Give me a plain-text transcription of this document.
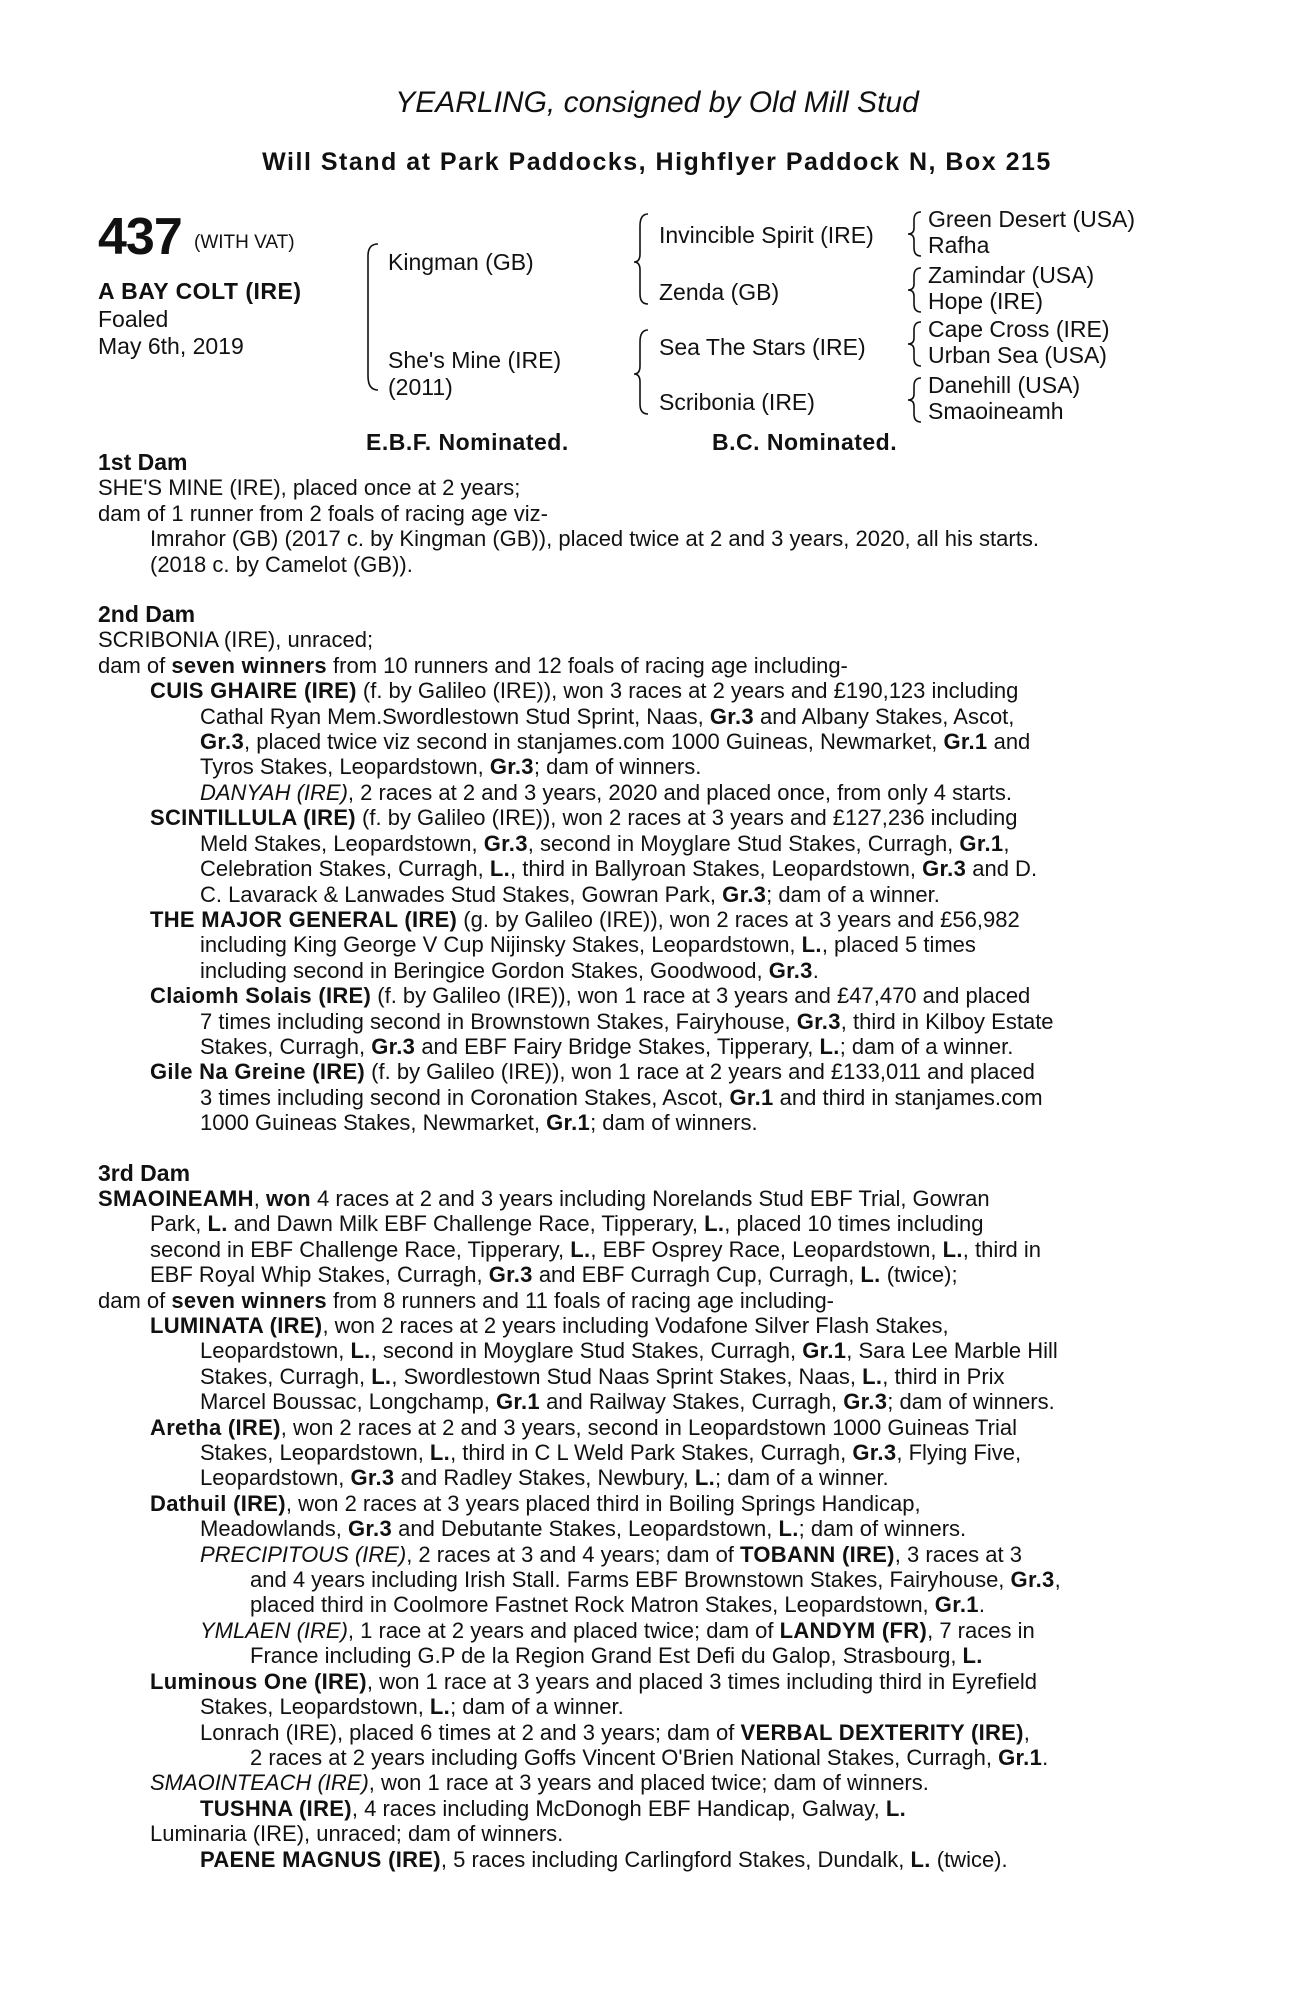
YEARLING, consigned by Old Mill Stud
Will Stand at Park Paddocks, Highflyer Paddock N, Box 215
437 (WITH VAT)
A BAY COLT (IRE)
Foaled
May 6th, 2019
Kingman (GB)
She's Mine (IRE)
(2011)
Invincible Spirit (IRE)
Zenda (GB)
Sea The Stars (IRE)
Scribonia (IRE)
Green Desert (USA)
Rafha
Zamindar (USA)
Hope (IRE)
Cape Cross (IRE)
Urban Sea (USA)
Danehill (USA)
Smaoineamh
E.B.F. Nominated.	B.C. Nominated.
1st Dam
SHE'S MINE (IRE), placed once at 2 years;
dam of 1 runner from 2 foals of racing age viz-
Imrahor (GB) (2017 c. by Kingman (GB)), placed twice at 2 and 3 years, 2020, all his starts.
(2018 c. by Camelot (GB)).
2nd Dam
SCRIBONIA (IRE), unraced;
dam of seven winners from 10 runners and 12 foals of racing age including-
CUIS GHAIRE (IRE) (f. by Galileo (IRE)), won 3 races at 2 years and £190,123 including
Cathal Ryan Mem.Swordlestown Stud Sprint, Naas, Gr.3 and Albany Stakes, Ascot,
Gr.3, placed twice viz second in stanjames.com 1000 Guineas, Newmarket, Gr.1 and
Tyros Stakes, Leopardstown, Gr.3; dam of winners.
DANYAH (IRE), 2 races at 2 and 3 years, 2020 and placed once, from only 4 starts.
SCINTILLULA (IRE) (f. by Galileo (IRE)), won 2 races at 3 years and £127,236 including
Meld Stakes, Leopardstown, Gr.3, second in Moyglare Stud Stakes, Curragh, Gr.1,
Celebration Stakes, Curragh, L., third in Ballyroan Stakes, Leopardstown, Gr.3 and D.
C. Lavarack & Lanwades Stud Stakes, Gowran Park, Gr.3; dam of a winner.
THE MAJOR GENERAL (IRE) (g. by Galileo (IRE)), won 2 races at 3 years and £56,982
including King George V Cup Nijinsky Stakes, Leopardstown, L., placed 5 times
including second in Beringice Gordon Stakes, Goodwood, Gr.3.
Claiomh Solais (IRE) (f. by Galileo (IRE)), won 1 race at 3 years and £47,470 and placed
7 times including second in Brownstown Stakes, Fairyhouse, Gr.3, third in Kilboy Estate
Stakes, Curragh, Gr.3 and EBF Fairy Bridge Stakes, Tipperary, L.; dam of a winner.
Gile Na Greine (IRE) (f. by Galileo (IRE)), won 1 race at 2 years and £133,011 and placed
3 times including second in Coronation Stakes, Ascot, Gr.1 and third in stanjames.com
1000 Guineas Stakes, Newmarket, Gr.1; dam of winners.
3rd Dam
SMAOINEAMH, won 4 races at 2 and 3 years including Norelands Stud EBF Trial, Gowran
Park, L. and Dawn Milk EBF Challenge Race, Tipperary, L., placed 10 times including
second in EBF Challenge Race, Tipperary, L., EBF Osprey Race, Leopardstown, L., third in
EBF Royal Whip Stakes, Curragh, Gr.3 and EBF Curragh Cup, Curragh, L. (twice);
dam of seven winners from 8 runners and 11 foals of racing age including-
LUMINATA (IRE), won 2 races at 2 years including Vodafone Silver Flash Stakes,
Leopardstown, L., second in Moyglare Stud Stakes, Curragh, Gr.1, Sara Lee Marble Hill
Stakes, Curragh, L., Swordlestown Stud Naas Sprint Stakes, Naas, L., third in Prix
Marcel Boussac, Longchamp, Gr.1 and Railway Stakes, Curragh, Gr.3; dam of winners.
Aretha (IRE), won 2 races at 2 and 3 years, second in Leopardstown 1000 Guineas Trial
Stakes, Leopardstown, L., third in C L Weld Park Stakes, Curragh, Gr.3, Flying Five,
Leopardstown, Gr.3 and Radley Stakes, Newbury, L.; dam of a winner.
Dathuil (IRE), won 2 races at 3 years placed third in Boiling Springs Handicap,
Meadowlands, Gr.3 and Debutante Stakes, Leopardstown, L.; dam of winners.
PRECIPITOUS (IRE), 2 races at 3 and 4 years; dam of TOBANN (IRE), 3 races at 3
and 4 years including Irish Stall. Farms EBF Brownstown Stakes, Fairyhouse, Gr.3,
placed third in Coolmore Fastnet Rock Matron Stakes, Leopardstown, Gr.1.
YMLAEN (IRE), 1 race at 2 years and placed twice; dam of LANDYM (FR), 7 races in
France including G.P de la Region Grand Est Defi du Galop, Strasbourg, L.
Luminous One (IRE), won 1 race at 3 years and placed 3 times including third in Eyrefield
Stakes, Leopardstown, L.; dam of a winner.
Lonrach (IRE), placed 6 times at 2 and 3 years; dam of VERBAL DEXTERITY (IRE),
2 races at 2 years including Goffs Vincent O'Brien National Stakes, Curragh, Gr.1.
SMAOINTEACH (IRE), won 1 race at 3 years and placed twice; dam of winners.
TUSHNA (IRE), 4 races including McDonogh EBF Handicap, Galway, L.
Luminaria (IRE), unraced; dam of winners.
PAENE MAGNUS (IRE), 5 races including Carlingford Stakes, Dundalk, L. (twice).
